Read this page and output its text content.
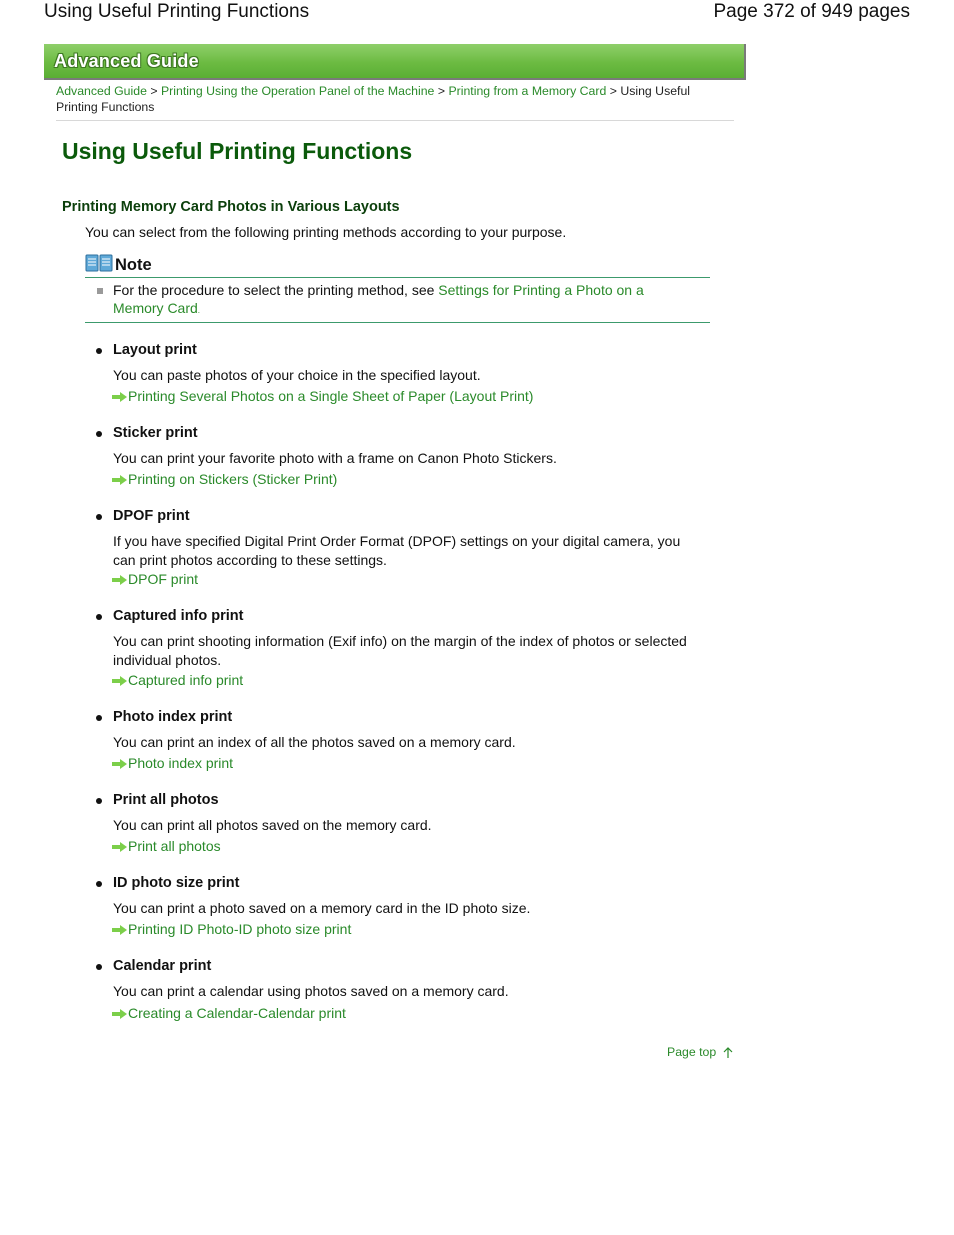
Using Useful Printing Functions	Page 372 of 949 pages
Advanced Guide
Advanced Guide > Printing Using the Operation Panel of the Machine > Printing from a Memory Card > Using Useful Printing Functions
Using Useful Printing Functions
Printing Memory Card Photos in Various Layouts
You can select from the following printing methods according to your purpose.
Note
For the procedure to select the printing method, see Settings for Printing a Photo on a Memory Card.
Layout print
You can paste photos of your choice in the specified layout.
Printing Several Photos on a Single Sheet of Paper (Layout Print)
Sticker print
You can print your favorite photo with a frame on Canon Photo Stickers.
Printing on Stickers (Sticker Print)
DPOF print
If you have specified Digital Print Order Format (DPOF) settings on your digital camera, you can print photos according to these settings.
DPOF print
Captured info print
You can print shooting information (Exif info) on the margin of the index of photos or selected individual photos.
Captured info print
Photo index print
You can print an index of all the photos saved on a memory card.
Photo index print
Print all photos
You can print all photos saved on the memory card.
Print all photos
ID photo size print
You can print a photo saved on a memory card in the ID photo size.
Printing ID Photo-ID photo size print
Calendar print
You can print a calendar using photos saved on a memory card.
Creating a Calendar-Calendar print
Page top
